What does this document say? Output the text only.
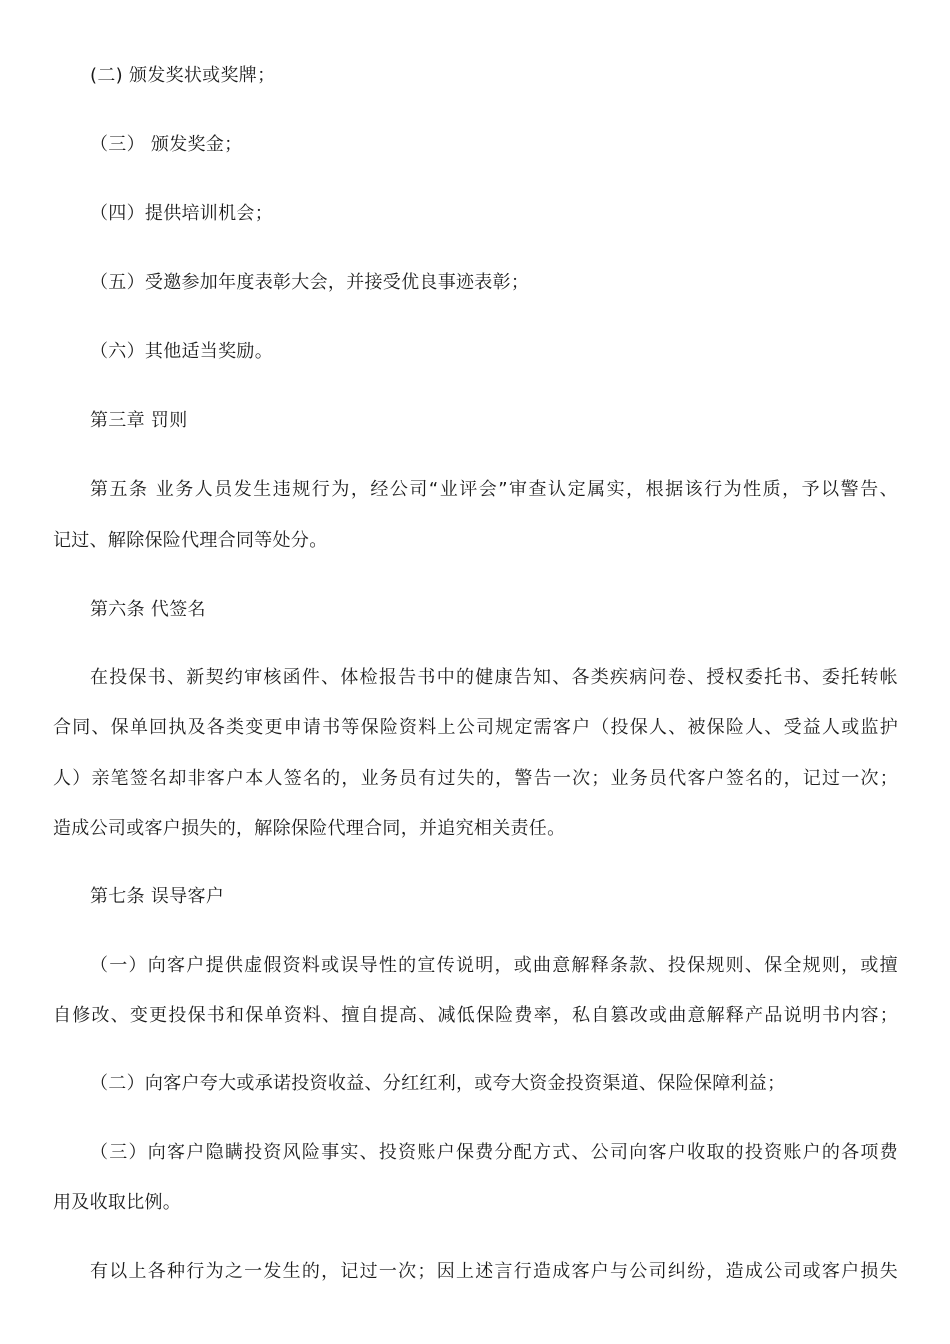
(二) 颁发奖状或奖牌；
（三） 颁发奖金；
（四）提供培训机会；
（五）受邀参加年度表彰大会，并接受优良事迹表彰；
（六）其他适当奖励。
第三章 罚则
第五条 业务人员发生违规行为，经公司“业评会”审查认定属实，根据该行为性质，予以警告、
记过、解除保险代理合同等处分。
第六条 代签名
在投保书、新契约审核函件、体检报告书中的健康告知、各类疾病问卷、授权委托书、委托转帐
合同、保单回执及各类变更申请书等保险资料上公司规定需客户（投保人、被保险人、受益人或监护
人）亲笔签名却非客户本人签名的，业务员有过失的，警告一次；业务员代客户签名的，记过一次；
造成公司或客户损失的，解除保险代理合同，并追究相关责任。
第七条 误导客户
（一）向客户提供虚假资料或误导性的宣传说明，或曲意解释条款、投保规则、保全规则，或擅
自修改、变更投保书和保单资料、擅自提高、减低保险费率，私自篡改或曲意解释产品说明书内容；
（二）向客户夸大或承诺投资收益、分红红利，或夸大资金投资渠道、保险保障利益；
（三）向客户隐瞒投资风险事实、投资账户保费分配方式、公司向客户收取的投资账户的各项费
用及收取比例。
有以上各种行为之一发生的，记过一次；因上述言行造成客户与公司纠纷，造成公司或客户损失
